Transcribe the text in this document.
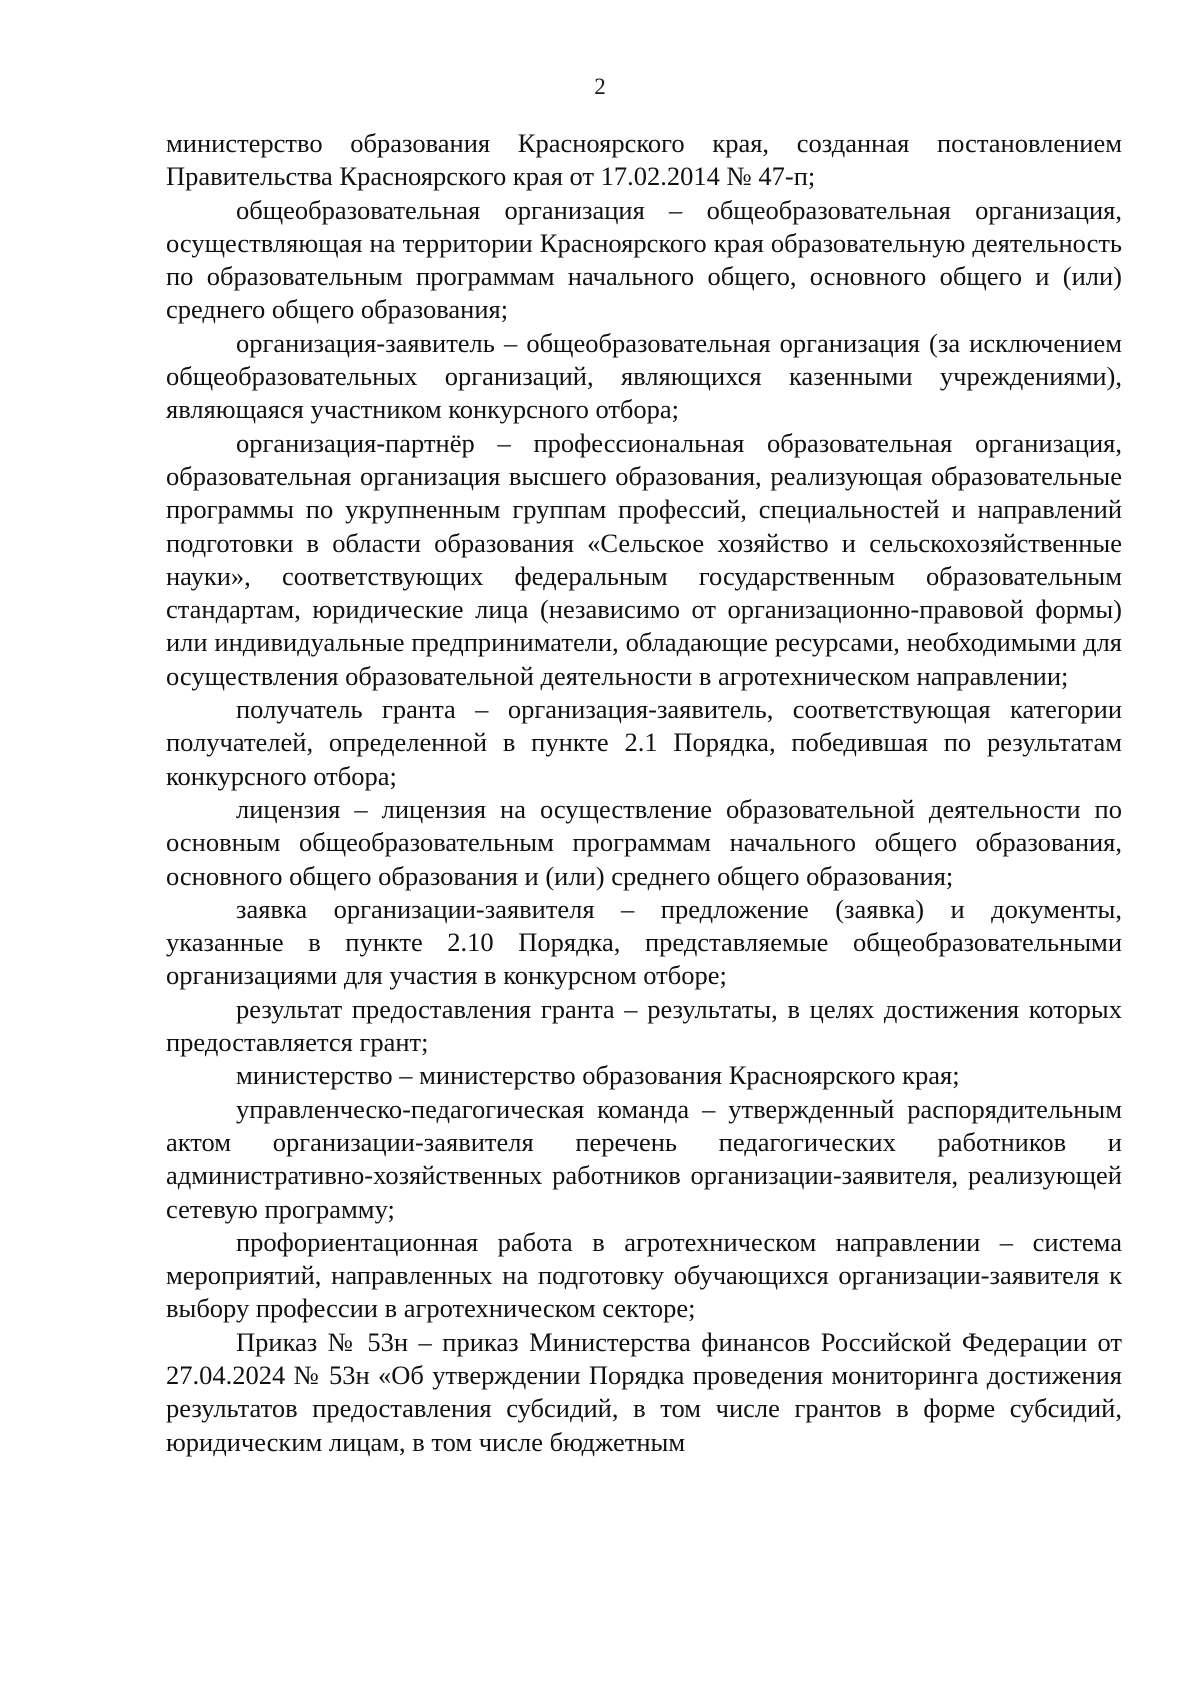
2

министерство образования Красноярского края, созданная постановлением Правительства Красноярского края от 17.02.2014 № 47-п;

общеобразовательная организация – общеобразовательная организация, осуществляющая на территории Красноярского края образовательную деятельность по образовательным программам начального общего, основного общего и (или) среднего общего образования;

организация-заявитель – общеобразовательная организация (за исключением общеобразовательных организаций, являющихся казенными учреждениями), являющаяся участником конкурсного отбора;

организация-партнёр – профессиональная образовательная организация, образовательная организация высшего образования, реализующая образовательные программы по укрупненным группам профессий, специальностей и направлений подготовки в области образования «Сельское хозяйство и сельскохозяйственные науки», соответствующих федеральным государственным образовательным стандартам, юридические лица (независимо от организационно-правовой формы) или индивидуальные предприниматели, обладающие ресурсами, необходимыми для осуществления образовательной деятельности в агротехническом направлении;

получатель гранта – организация-заявитель, соответствующая категории получателей, определенной в пункте 2.1 Порядка, победившая по результатам конкурсного отбора;

лицензия – лицензия на осуществление образовательной деятельности по основным общеобразовательным программам начального общего образования, основного общего образования и (или) среднего общего образования;

заявка организации-заявителя – предложение (заявка) и документы, указанные в пункте 2.10 Порядка, представляемые общеобразовательными организациями для участия в конкурсном отборе;

результат предоставления гранта – результаты, в целях достижения которых предоставляется грант;

министерство – министерство образования Красноярского края;

управленческо-педагогическая команда – утвержденный распорядительным актом организации-заявителя перечень педагогических работников и административно-хозяйственных работников организации-заявителя, реализующей сетевую программу;

профориентационная работа в агротехническом направлении – система мероприятий, направленных на подготовку обучающихся организации-заявителя к выбору профессии в агротехническом секторе;

Приказ № 53н – приказ Министерства финансов Российской Федерации от 27.04.2024 № 53н «Об утверждении Порядка проведения мониторинга достижения результатов предоставления субсидий, в том числе грантов в форме субсидий, юридическим лицам, в том числе бюджетным
